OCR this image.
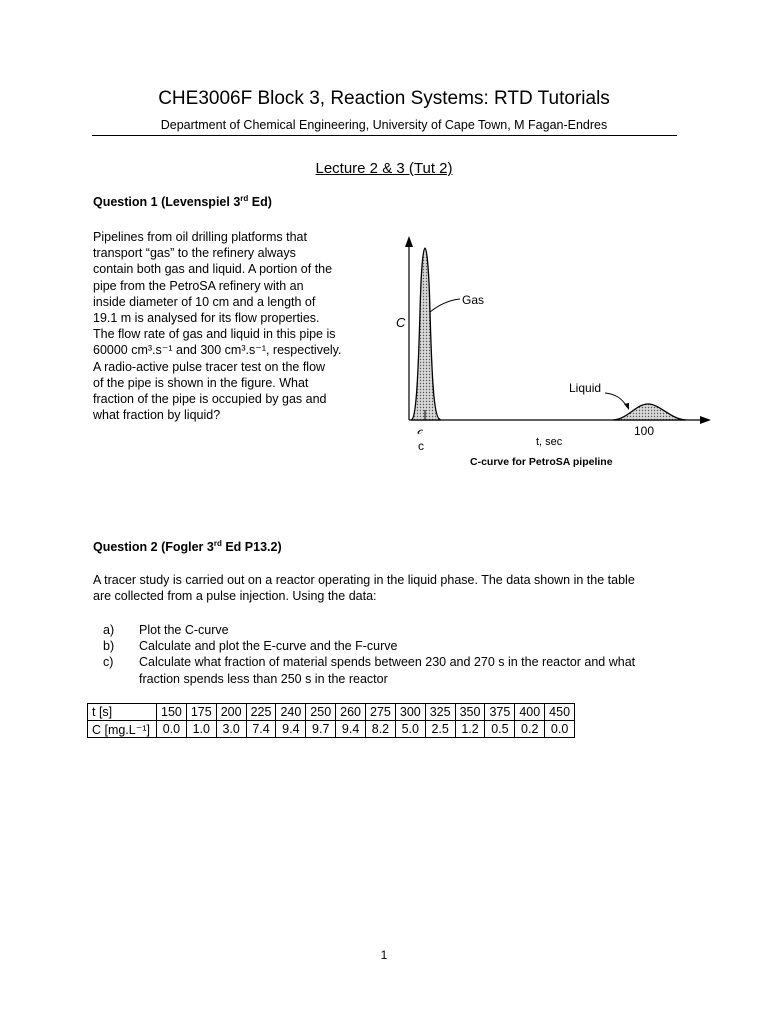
CHE3006F Block 3, Reaction Systems: RTD Tutorials
Department of Chemical Engineering, University of Cape Town, M Fagan-Endres
Lecture 2 & 3 (Tut 2)
Question 1 (Levenspiel 3rd Ed)
Pipelines from oil drilling platforms that
transport “gas” to the refinery always
contain both gas and liquid. A portion of the
pipe from the PetroSA refinery with an
inside diameter of 10 cm and a length of
19.1 m is analysed for its flow properties.
The flow rate of gas and liquid in this pipe is
60000 cm³.s⁻¹ and 300 cm³.s⁻¹, respectively.
A radio-active pulse tracer test on the flow
of the pipe is shown in the figure. What
fraction of the pipe is occupied by gas and
what fraction by liquid?
Gas
Liquid
C
100
t, sec
𝒸
c
C-curve for PetroSA pipeline
Question 2 (Fogler 3rd Ed P13.2)
A tracer study is carried out on a reactor operating in the liquid phase. The data shown in the table
are collected from a pulse injection. Using the data:
a)	Plot the C-curve
b)	Calculate and plot the E-curve and the F-curve
c)	Calculate what fraction of material spends between 230 and 270 s in the reactor and what
fraction spends less than 250 s in the reactor
t [s]	150	175	200	225	240	250	260	275	300	325	350	375	400	450
C [mg.L⁻¹]	0.0	1.0	3.0	7.4	9.4	9.7	9.4	8.2	5.0	2.5	1.2	0.5	0.2	0.0
1
